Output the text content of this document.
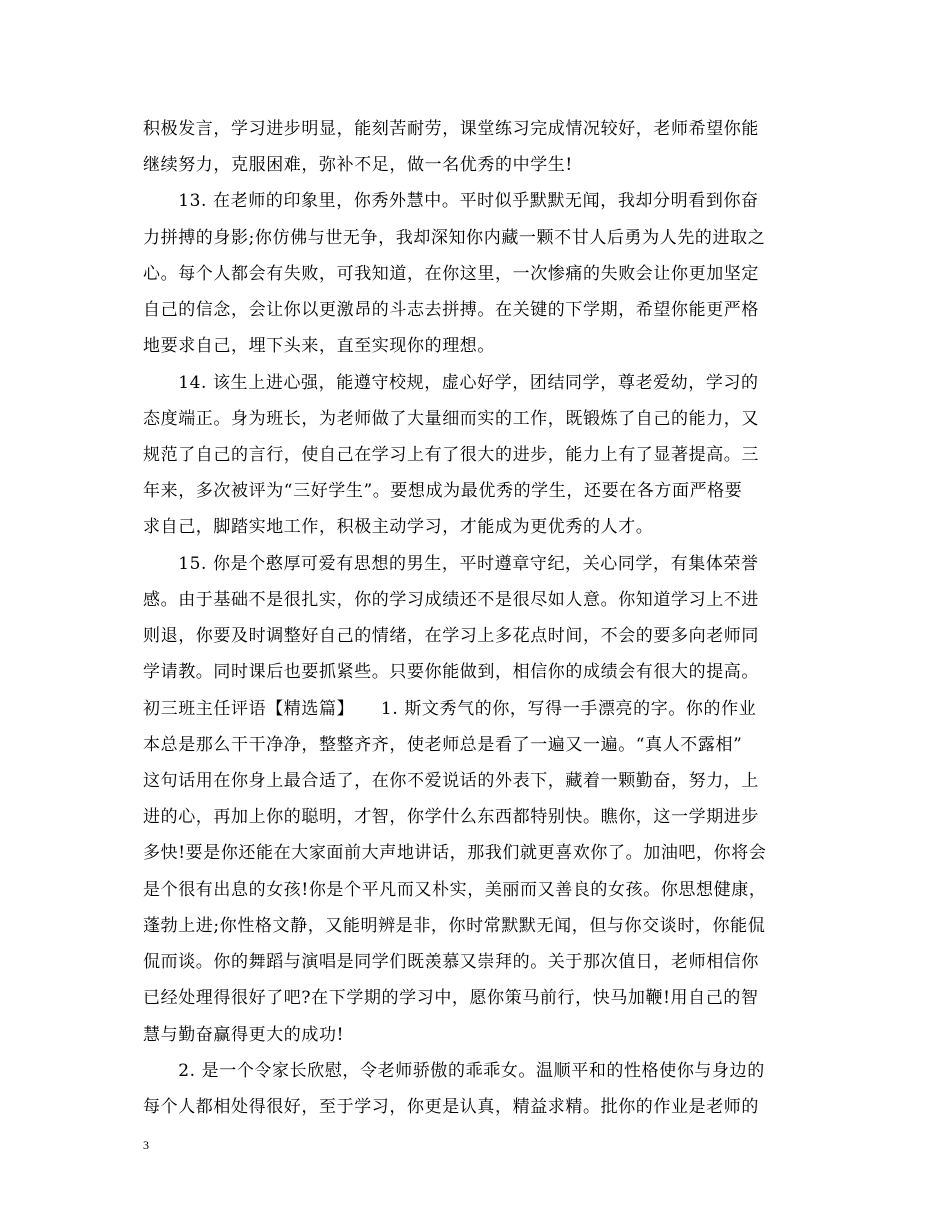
积极发言，学习进步明显，能刻苦耐劳，课堂练习完成情况较好，老师希望你能
继续努力，克服困难，弥补不足，做一名优秀的中学生!
　　13. 在老师的印象里，你秀外慧中。平时似乎默默无闻，我却分明看到你奋
力拼搏的身影;你仿佛与世无争，我却深知你内藏一颗不甘人后勇为人先的进取之
心。每个人都会有失败，可我知道，在你这里，一次惨痛的失败会让你更加坚定
自己的信念，会让你以更激昂的斗志去拼搏。在关键的下学期，希望你能更严格
地要求自己，埋下头来，直至实现你的理想。
　　14. 该生上进心强，能遵守校规，虚心好学，团结同学，尊老爱幼，学习的
态度端正。身为班长，为老师做了大量细而实的工作，既锻炼了自己的能力，又
规范了自己的言行，使自己在学习上有了很大的进步，能力上有了显著提高。三
年来，多次被评为“三好学生”。要想成为最优秀的学生，还要在各方面严格要
求自己，脚踏实地工作，积极主动学习，才能成为更优秀的人才。
　　15. 你是个憨厚可爱有思想的男生，平时遵章守纪，关心同学，有集体荣誉
感。由于基础不是很扎实，你的学习成绩还不是很尽如人意。你知道学习上不进
则退，你要及时调整好自己的情绪，在学习上多花点时间，不会的要多向老师同
学请教。同时课后也要抓紧些。只要你能做到，相信你的成绩会有很大的提高。
初三班主任评语【精选篇】　　1. 斯文秀气的你，写得一手漂亮的字。你的作业
本总是那么干干净净，整整齐齐，使老师总是看了一遍又一遍。“真人不露相”
这句话用在你身上最合适了，在你不爱说话的外表下，藏着一颗勤奋，努力，上
进的心，再加上你的聪明，才智，你学什么东西都特别快。瞧你，这一学期进步
多快!要是你还能在大家面前大声地讲话，那我们就更喜欢你了。加油吧，你将会
是个很有出息的女孩!你是个平凡而又朴实，美丽而又善良的女孩。你思想健康，
蓬勃上进;你性格文静，又能明辨是非，你时常默默无闻，但与你交谈时，你能侃
侃而谈。你的舞蹈与演唱是同学们既羡慕又崇拜的。关于那次值日，老师相信你
已经处理得很好了吧?在下学期的学习中，愿你策马前行，快马加鞭!用自己的智
慧与勤奋赢得更大的成功!
3
　　2. 是一个令家长欣慰，令老师骄傲的乖乖女。温顺平和的性格使你与身边的
每个人都相处得很好，至于学习，你更是认真，精益求精。批你的作业是老师的
